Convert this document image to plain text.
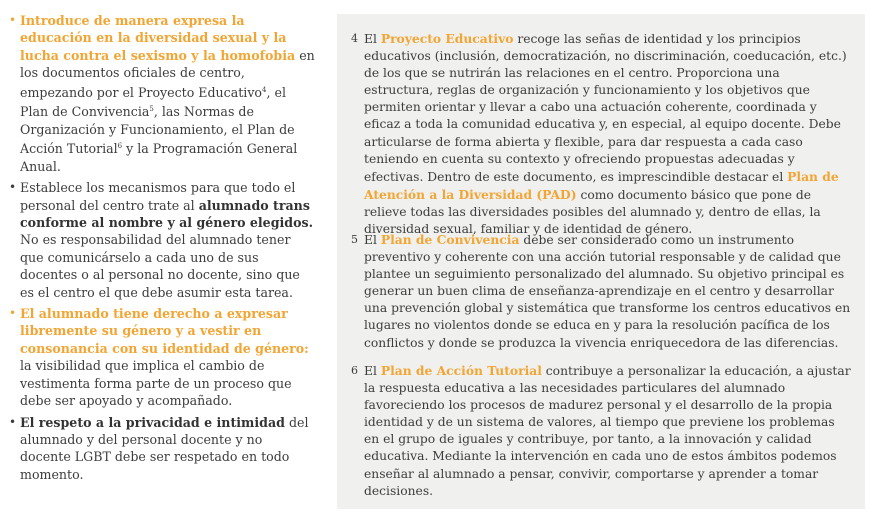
• Introduce de manera expresa la educación en la diversidad sexual y la lucha contra el sexismo y la homofobia en los documentos oficiales de centro, empezando por el Proyecto Educativo$^4$, el Plan de Convivencia$^5$, las Normas de Organización y Funcionamiento, el Plan de Acción Tutorial$^6$ y la Programación General Anual.
• Establece los mecanismos para que todo el personal del centro trate al alumnado trans conforme al nombre y al género elegidos. No es responsabilidad del alumnado tener que comunicárselo a cada uno de sus docentes o al personal no docente, sino que es el centro el que debe asumir esta tarea.
• El alumnado tiene derecho a expresar libremente su género y a vestir en consonancia con su identidad de género: la visibilidad que implica el cambio de vestimenta forma parte de un proceso que debe ser apoyado y acompañado.
• El respeto a la privacidad e intimidad del alumnado y del personal docente y no docente LGBT debe ser respetado en todo momento.
4 El Proyecto Educativo recoge las señas de identidad y los principios educativos (inclusión, democratización, no discriminación, coeducación, etc.) de los que se nutrirán las relaciones en el centro. Proporciona una estructura, reglas de organización y funcionamiento y los objetivos que permiten orientar y llevar a cabo una actuación coherente, coordinada y eficaz a toda la comunidad educativa y, en especial, al equipo docente. Debe articularse de forma abierta y flexible, para dar respuesta a cada caso teniendo en cuenta su contexto y ofreciendo propuestas adecuadas y efectivas. Dentro de este documento, es imprescindible destacar el Plan de Atención a la Diversidad (PAD) como documento básico que pone de relieve todas las diversidades posibles del alumnado y, dentro de ellas, la diversidad sexual, familiar y de identidad de género.
5 El Plan de Convivencia debe ser considerado como un instrumento preventivo y coherente con una acción tutorial responsable y de calidad que plantee un seguimiento personalizado del alumnado. Su objetivo principal es generar un buen clima de enseñanza-aprendizaje en el centro y desarrollar una prevención global y sistemática que transforme los centros educativos en lugares no violentos donde se educa en y para la resolución pacífica de los conflictos y donde se produzca la vivencia enriquecedora de las diferencias.
6 El Plan de Acción Tutorial contribuye a personalizar la educación, a ajustar la respuesta educativa a las necesidades particulares del alumnado favoreciendo los procesos de madurez personal y el desarrollo de la propia identidad y de un sistema de valores, al tiempo que previene los problemas en el grupo de iguales y contribuye, por tanto, a la innovación y calidad educativa. Mediante la intervención en cada uno de estos ámbitos podemos enseñar al alumnado a pensar, convivir, comportarse y aprender a tomar decisiones.
